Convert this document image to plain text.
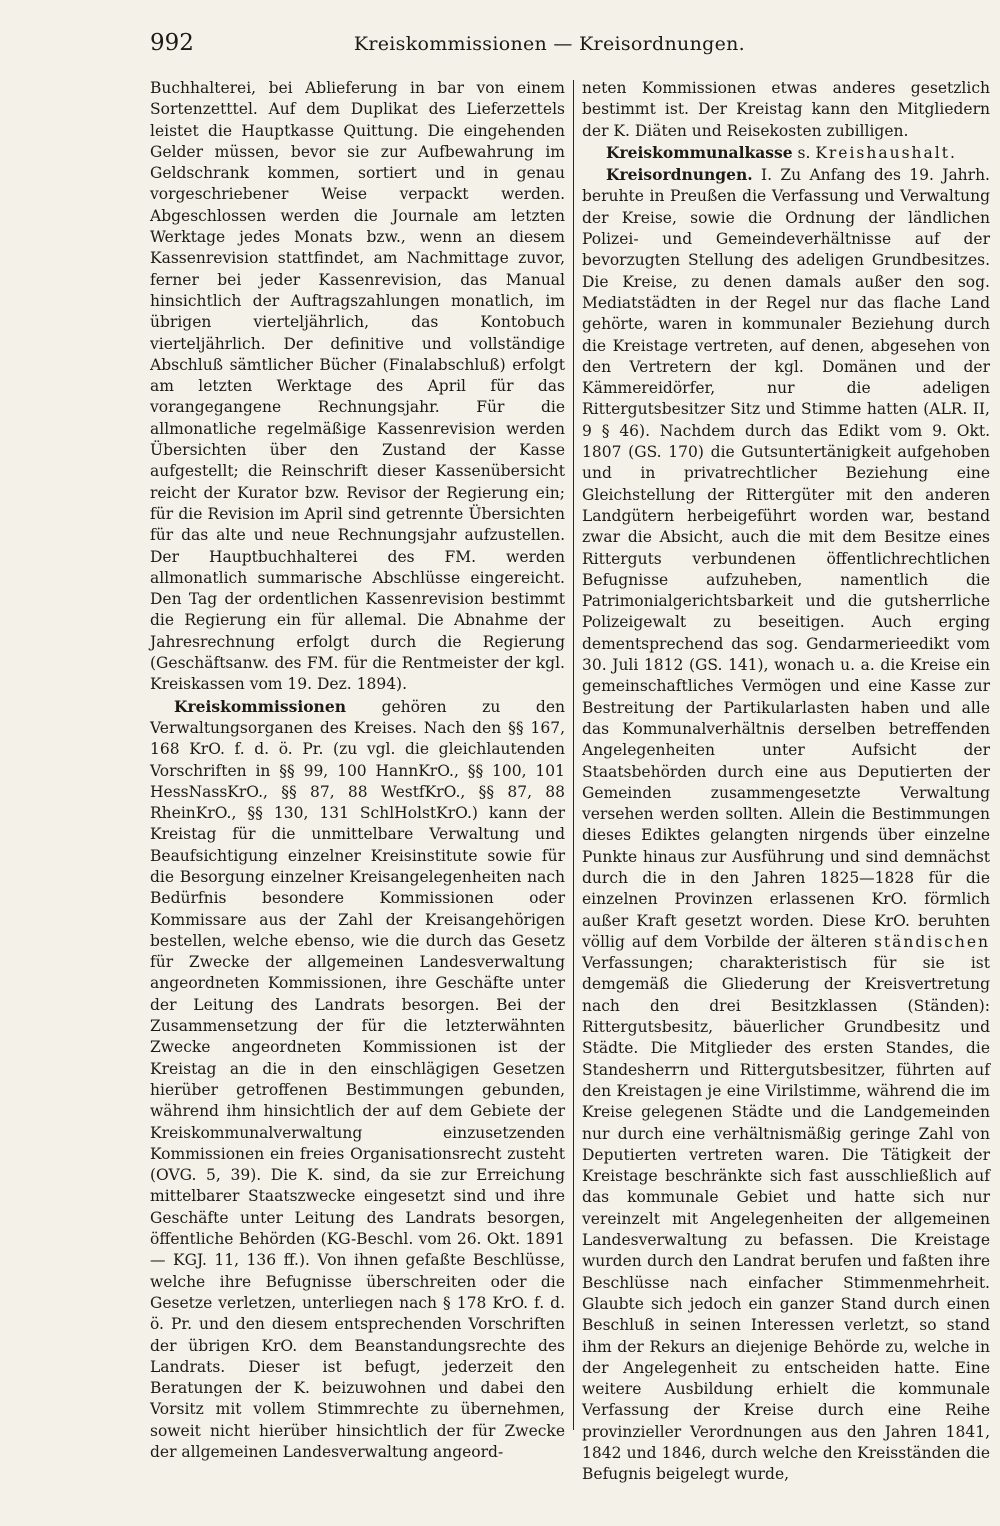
992	Kreiskommissionen — Kreisordnungen.

Buchhalterei, bei Ablieferung in bar von einem Sortenzetttel. Auf dem Duplikat des Lieferzettels leistet die Hauptkasse Quittung. Die eingehenden Gelder müssen, bevor sie zur Aufbewahrung im Geldschrank kommen, sortiert und in genau vorgeschriebener Weise verpackt werden. Abgeschlossen werden die Journale am letzten Werktage jedes Monats bzw., wenn an diesem Kassenrevision stattfindet, am Nachmittage zuvor, ferner bei jeder Kassenrevision, das Manual hinsichtlich der Auftragszahlungen monatlich, im übrigen vierteljährlich, das Kontobuch vierteljährlich. Der definitive und vollständige Abschluß sämtlicher Bücher (Finalabschluß) erfolgt am letzten Werktage des April für das vorangegangene Rechnungsjahr. Für die allmonatliche regelmäßige Kassenrevision werden Übersichten über den Zustand der Kasse aufgestellt; die Reinschrift dieser Kassenübersicht reicht der Kurator bzw. Revisor der Regierung ein; für die Revision im April sind getrennte Übersichten für das alte und neue Rechnungsjahr aufzustellen. Der Hauptbuchhalterei des FM. werden allmonatlich summarische Abschlüsse eingereicht. Den Tag der ordentlichen Kassenrevision bestimmt die Regierung ein für allemal. Die Abnahme der Jahresrechnung erfolgt durch die Regierung (Geschäftsanw. des FM. für die Rentmeister der kgl. Kreiskassen vom 19. Dez. 1894).

Kreiskommissionen gehören zu den Verwaltungsorganen des Kreises. Nach den §§ 167, 168 KrO. f. d. ö. Pr. (zu vgl. die gleichlautenden Vorschriften in §§ 99, 100 HannKrO., §§ 100, 101 HessNassKrO., §§ 87, 88 WestfKrO., §§ 87, 88 RheinKrO., §§ 130, 131 SchlHolstKrO.) kann der Kreistag für die unmittelbare Verwaltung und Beaufsichtigung einzelner Kreisinstitute sowie für die Besorgung einzelner Kreisangelegenheiten nach Bedürfnis besondere Kommissionen oder Kommissare aus der Zahl der Kreisangehörigen bestellen, welche ebenso, wie die durch das Gesetz für Zwecke der allgemeinen Landesverwaltung angeordneten Kommissionen, ihre Geschäfte unter der Leitung des Landrats besorgen. Bei der Zusammensetzung der für die letzterwähnten Zwecke angeordneten Kommissionen ist der Kreistag an die in den einschlägigen Gesetzen hierüber getroffenen Bestimmungen gebunden, während ihm hinsichtlich der auf dem Gebiete der Kreiskommunalverwaltung einzusetzenden Kommissionen ein freies Organisationsrecht zusteht (OVG. 5, 39). Die K. sind, da sie zur Erreichung mittelbarer Staatszwecke eingesetzt sind und ihre Geschäfte unter Leitung des Landrats besorgen, öffentliche Behörden (KG-Beschl. vom 26. Okt. 1891 — KGJ. 11, 136 ff.). Von ihnen gefaßte Beschlüsse, welche ihre Befugnisse überschreiten oder die Gesetze verletzen, unterliegen nach § 178 KrO. f. d. ö. Pr. und den diesem entsprechenden Vorschriften der übrigen KrO. dem Beanstandungsrechte des Landrats. Dieser ist befugt, jederzeit den Beratungen der K. beizuwohnen und dabei den Vorsitz mit vollem Stimmrechte zu übernehmen, soweit nicht hierüber hinsichtlich der für Zwecke der allgemeinen Landesverwaltung angeord-

neten Kommissionen etwas anderes gesetzlich bestimmt ist. Der Kreistag kann den Mitgliedern der K. Diäten und Reisekosten zubilligen.

Kreiskommunalkasse s. Kreishaushalt.

Kreisordnungen. I. Zu Anfang des 19. Jahrh. beruhte in Preußen die Verfassung und Verwaltung der Kreise, sowie die Ordnung der ländlichen Polizei- und Gemeindeverhältnisse auf der bevorzugten Stellung des adeligen Grundbesitzes. Die Kreise, zu denen damals außer den sog. Mediatstädten in der Regel nur das flache Land gehörte, waren in kommunaler Beziehung durch die Kreistage vertreten, auf denen, abgesehen von den Vertretern der kgl. Domänen und der Kämmereidörfer, nur die adeligen Rittergutsbesitzer Sitz und Stimme hatten (ALR. II, 9 § 46). Nachdem durch das Edikt vom 9. Okt. 1807 (GS. 170) die Gutsuntertänigkeit aufgehoben und in privatrechtlicher Beziehung eine Gleichstellung der Rittergüter mit den anderen Landgütern herbeigeführt worden war, bestand zwar die Absicht, auch die mit dem Besitze eines Ritterguts verbundenen öffentlichrechtlichen Befugnisse aufzuheben, namentlich die Patrimonialgerichtsbarkeit und die gutsherrliche Polizeigewalt zu beseitigen. Auch erging dementsprechend das sog. Gendarmerieedikt vom 30. Juli 1812 (GS. 141), wonach u. a. die Kreise ein gemeinschaftliches Vermögen und eine Kasse zur Bestreitung der Partikularlasten haben und alle das Kommunalverhältnis derselben betreffenden Angelegenheiten unter Aufsicht der Staatsbehörden durch eine aus Deputierten der Gemeinden zusammengesetzte Verwaltung versehen werden sollten. Allein die Bestimmungen dieses Ediktes gelangten nirgends über einzelne Punkte hinaus zur Ausführung und sind demnächst durch die in den Jahren 1825—1828 für die einzelnen Provinzen erlassenen KrO. förmlich außer Kraft gesetzt worden. Diese KrO. beruhten völlig auf dem Vorbilde der älteren ständischen Verfassungen; charakteristisch für sie ist demgemäß die Gliederung der Kreisvertretung nach den drei Besitzklassen (Ständen): Rittergutsbesitz, bäuerlicher Grundbesitz und Städte. Die Mitglieder des ersten Standes, die Standesherrn und Rittergutsbesitzer, führten auf den Kreistagen je eine Virilstimme, während die im Kreise gelegenen Städte und die Landgemeinden nur durch eine verhältnismäßig geringe Zahl von Deputierten vertreten waren. Die Tätigkeit der Kreistage beschränkte sich fast ausschließlich auf das kommunale Gebiet und hatte sich nur vereinzelt mit Angelegenheiten der allgemeinen Landesverwaltung zu befassen. Die Kreistage wurden durch den Landrat berufen und faßten ihre Beschlüsse nach einfacher Stimmenmehrheit. Glaubte sich jedoch ein ganzer Stand durch einen Beschluß in seinen Interessen verletzt, so stand ihm der Rekurs an diejenige Behörde zu, welche in der Angelegenheit zu entscheiden hatte. Eine weitere Ausbildung erhielt die kommunale Verfassung der Kreise durch eine Reihe provinzieller Verordnungen aus den Jahren 1841, 1842 und 1846, durch welche den Kreisständen die Befugnis beigelegt wurde,
